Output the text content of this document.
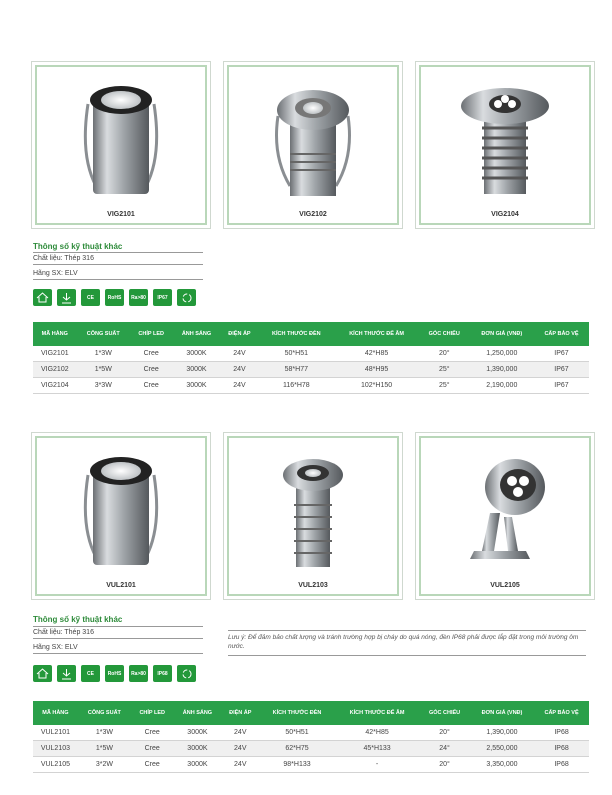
VIG2101	VIG2102	VIG2104
Thông số kỹ thuật khác
Chất liệu: Thép 316
Hãng SX: ELV
CE	RoHS	Ra>80	IP67
MÃ HÀNG	CÔNG SUẤT	CHÍP LED	ÁNH SÁNG	ĐIỆN ÁP	KÍCH THƯỚC ĐÈN	KÍCH THƯỚC ĐẾ ÂM	GÓC CHIẾU	ĐƠN GIÁ (VNĐ)	CẤP BẢO VỆ
VIG2101	1*3W	Cree	3000K	24V	50*H51	42*H85	20°	1,250,000	IP67
VIG2102	1*5W	Cree	3000K	24V	58*H77	48*H95	25°	1,390,000	IP67
VIG2104	3*3W	Cree	3000K	24V	116*H78	102*H150	25°	2,190,000	IP67
VUL2101	VUL2103	VUL2105
Thông số kỹ thuật khác
Chất liệu: Thép 316
Hãng SX: ELV
Lưu ý: Để đảm bảo chất lượng và tránh trường hợp bị cháy do quá nóng, đèn IP68 phải được lắp đặt trong môi trường ôm nước.
CE	RoHS	Ra>80	IP68
MÃ HÀNG	CÔNG SUẤT	CHÍP LED	ÁNH SÁNG	ĐIỆN ÁP	KÍCH THƯỚC ĐÈN	KÍCH THƯỚC ĐẾ ÂM	GÓC CHIẾU	ĐƠN GIÁ (VNĐ)	CẤP BẢO VỆ
VUL2101	1*3W	Cree	3000K	24V	50*H51	42*H85	20°	1,390,000	IP68
VUL2103	1*5W	Cree	3000K	24V	62*H75	45*H133	24°	2,550,000	IP68
VUL2105	3*2W	Cree	3000K	24V	98*H133	-	20°	3,350,000	IP68
